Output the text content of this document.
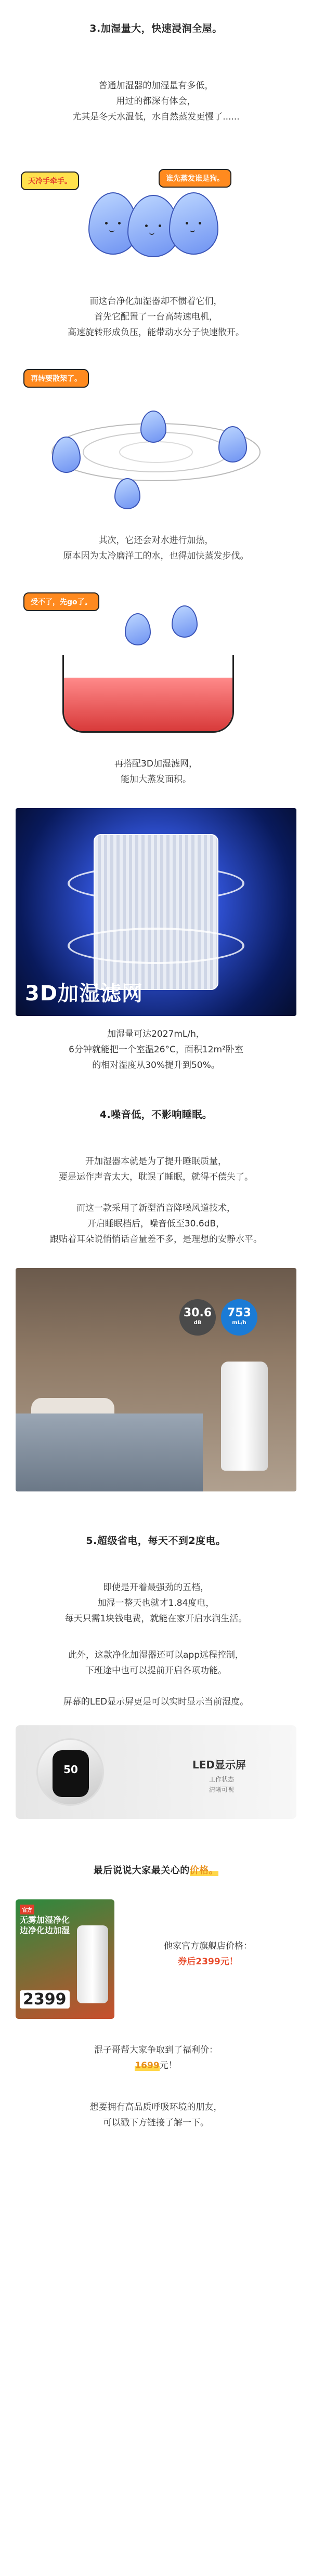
3.加湿量大，快速浸润全屋。
普通加湿器的加湿量有多低，
用过的都深有体会，
尤其是冬天水温低，水自然蒸发更慢了......
天冷手牵手。	谁先蒸发谁是狗。
而这台净化加湿器却不惯着它们，
首先它配置了一台高转速电机，
高速旋转形成负压，能带动水分子快速散开。
再转要散架了。
其次，它还会对水进行加热，
原本因为太冷磨洋工的水，也得加快蒸发步伐。
受不了，先go了。
再搭配3D加湿滤网，
能加大蒸发面积。
3D加湿滤网
加湿量可达2027mL/h，
6分钟就能把一个室温26°C，面积12m²卧室
的相对湿度从30%提升到50%。
4.噪音低，不影响睡眠。
开加湿器本就是为了提升睡眠质量，
要是运作声音太大，耽误了睡眠，就得不偿失了。
而这一款采用了新型消音降噪风道技术，
开启睡眠档后，噪音低至30.6dB，
跟贴着耳朵说悄悄话音量差不多，是理想的安静水平。
30.6
dB
753
mL/h
5.超级省电，每天不到2度电。
即使是开着最强劲的五档，
加湿一整天也就才1.84度电，
每天只需1块钱电费，就能在家开启水润生活。
此外，这款净化加湿器还可以app远程控制，
下班途中也可以提前开启各项功能。
屏幕的LED显示屏更是可以实时显示当前湿度。
50	LED显示屏
工作状态
清晰可视
最后说说大家最关心的价格。
官方
无雾加湿净化
边净化边加湿
2399
他家官方旗舰店价格：
券后2399元！
混子哥帮大家争取到了福利价：
1699元！
想要拥有高品质呼吸环境的朋友，
可以戳下方链接了解一下。
